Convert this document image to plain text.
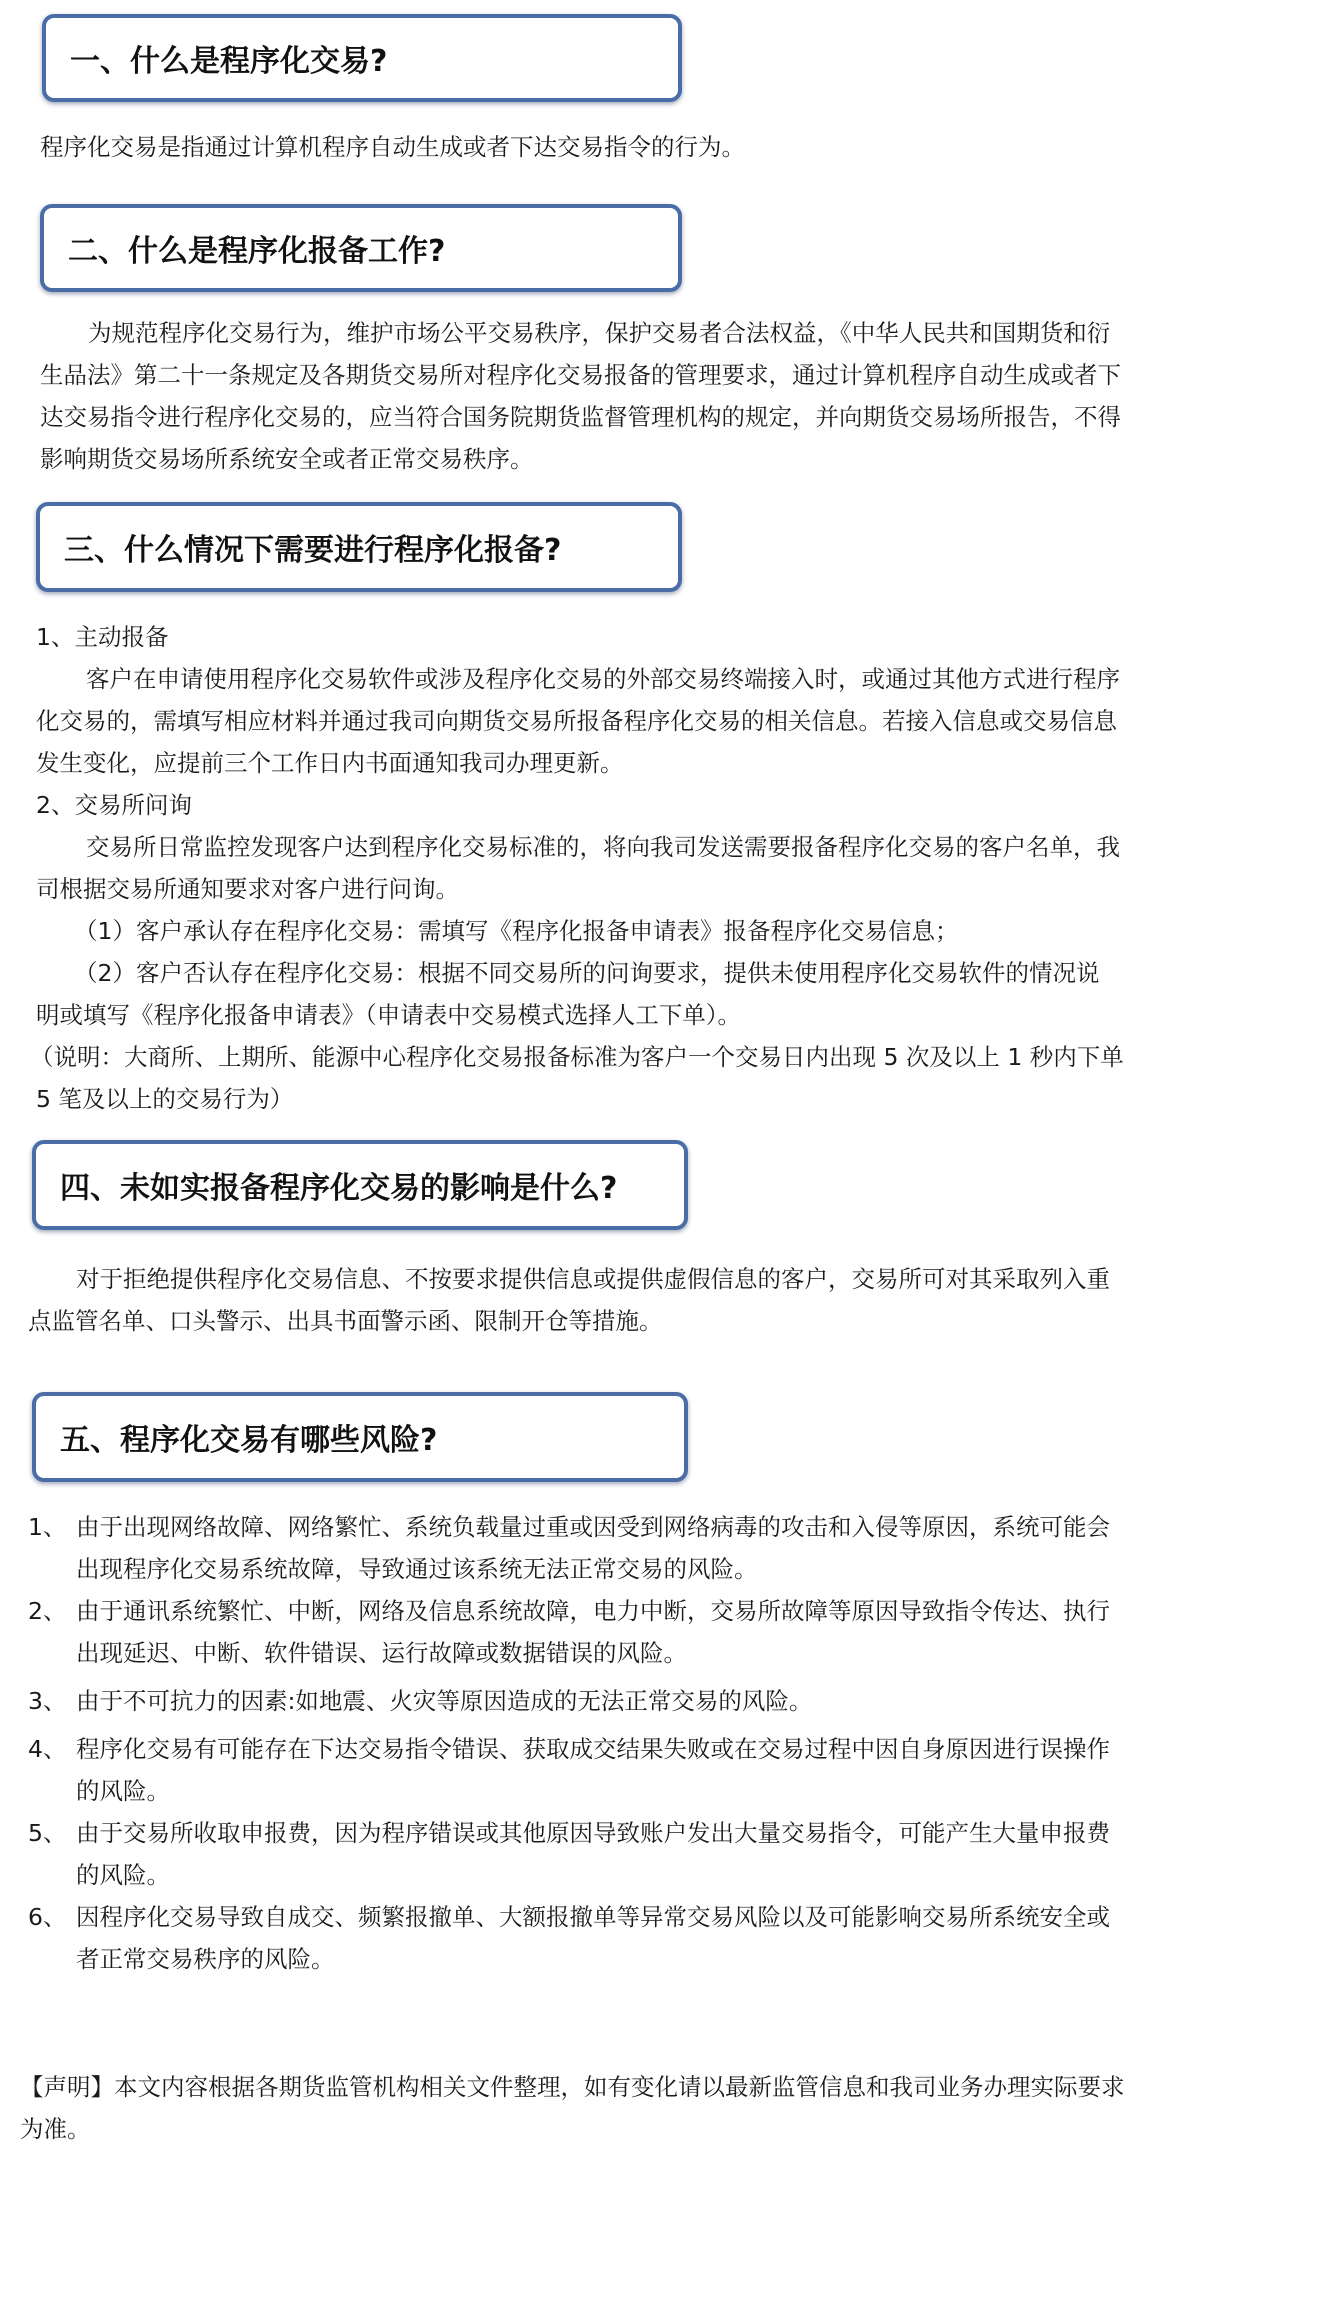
一、什么是程序化交易?

程序化交易是指通过计算机程序自动生成或者下达交易指令的行为。

二、什么是程序化报备工作?

为规范程序化交易行为，维护市场公平交易秩序，保护交易者合法权益，《中华人民共和国期货和衍

生品法》第二十一条规定及各期货交易所对程序化交易报备的管理要求，通过计算机程序自动生成或者下

达交易指令进行程序化交易的，应当符合国务院期货监督管理机构的规定，并向期货交易场所报告，不得

影响期货交易场所系统安全或者正常交易秩序。

三、什么情况下需要进行程序化报备?

1、主动报备

客户在申请使用程序化交易软件或涉及程序化交易的外部交易终端接入时，或通过其他方式进行程序

化交易的，需填写相应材料并通过我司向期货交易所报备程序化交易的相关信息。若接入信息或交易信息

发生变化，应提前三个工作日内书面通知我司办理更新。

2、交易所问询

交易所日常监控发现客户达到程序化交易标准的，将向我司发送需要报备程序化交易的客户名单，我

司根据交易所通知要求对客户进行问询。

（1）客户承认存在程序化交易：需填写《程序化报备申请表》报备程序化交易信息；

（2）客户否认存在程序化交易：根据不同交易所的问询要求，提供未使用程序化交易软件的情况说

明或填写《程序化报备申请表》（申请表中交易模式选择人工下单）。

（说明：大商所、上期所、能源中心程序化交易报备标准为客户一个交易日内出现 5 次及以上 1 秒内下单

5 笔及以上的交易行为）

四、未如实报备程序化交易的影响是什么?

对于拒绝提供程序化交易信息、不按要求提供信息或提供虚假信息的客户，交易所可对其采取列入重

点监管名单、口头警示、出具书面警示函、限制开仓等措施。

五、程序化交易有哪些风险?
1、 由于出现网络故障、网络繁忙、系统负载量过重或因受到网络病毒的攻击和入侵等原因，系统可能会
出现程序化交易系统故障，导致通过该系统无法正常交易的风险。
2、 由于通讯系统繁忙、中断，网络及信息系统故障，电力中断，交易所故障等原因导致指令传达、执行
出现延迟、中断、软件错误、运行故障或数据错误的风险。
3、 由于不可抗力的因素:如地震、火灾等原因造成的无法正常交易的风险。
4、 程序化交易有可能存在下达交易指令错误、获取成交结果失败或在交易过程中因自身原因进行误操作
的风险。
5、 由于交易所收取申报费，因为程序错误或其他原因导致账户发出大量交易指令，可能产生大量申报费
的风险。
6、 因程序化交易导致自成交、频繁报撤单、大额报撤单等异常交易风险以及可能影响交易所系统安全或
者正常交易秩序的风险。

【声明】本文内容根据各期货监管机构相关文件整理，如有变化请以最新监管信息和我司业务办理实际要求

为准。
